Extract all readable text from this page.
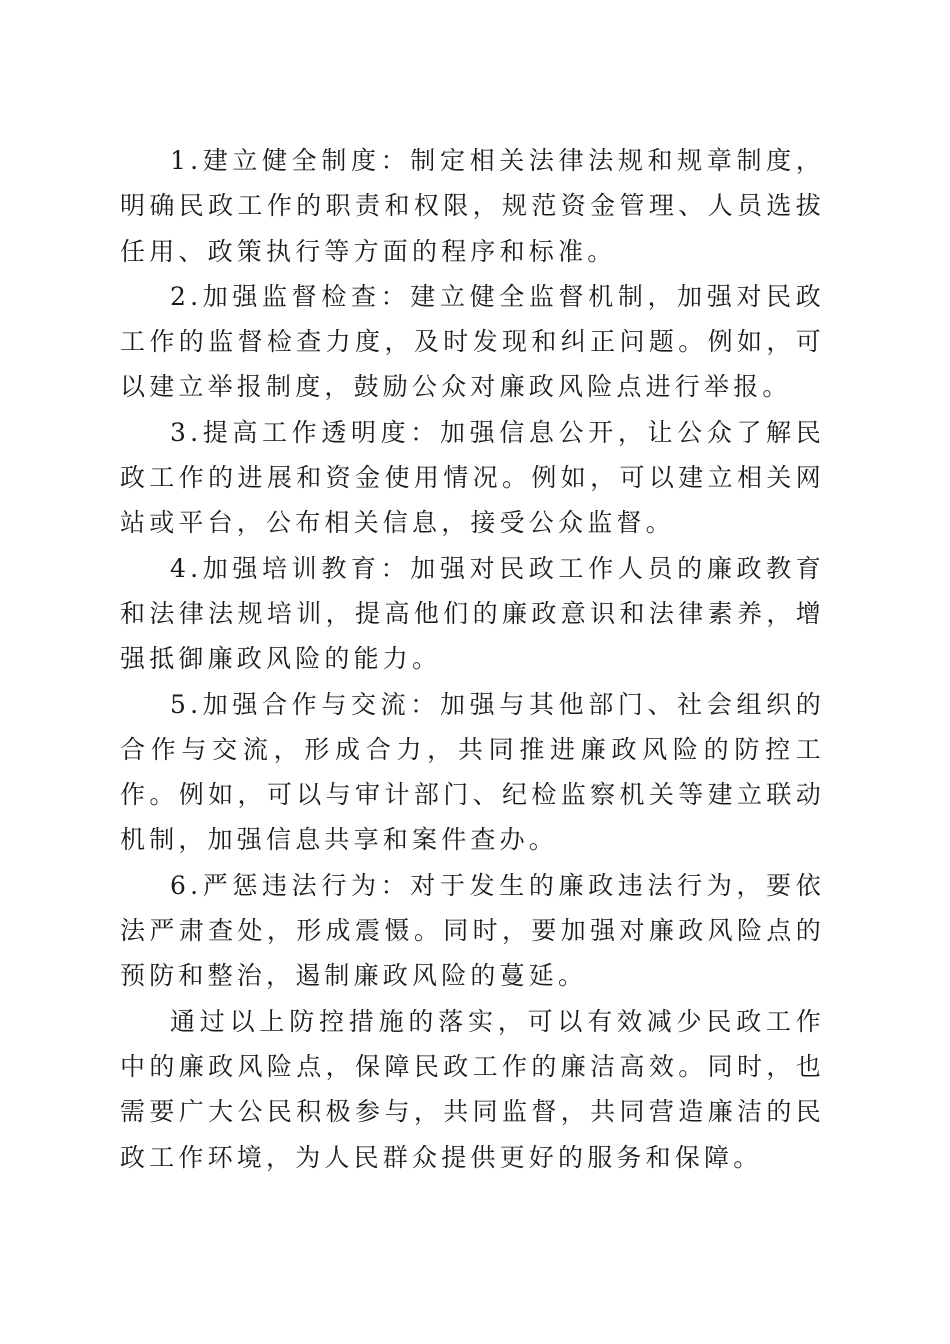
1.建立健全制度：制定相关法律法规和规章制度，明确民政工作的职责和权限，规范资金管理、人员选拔任用、政策执行等方面的程序和标准。

2.加强监督检查：建立健全监督机制，加强对民政工作的监督检查力度，及时发现和纠正问题。例如，可以建立举报制度，鼓励公众对廉政风险点进行举报。

3.提高工作透明度：加强信息公开，让公众了解民政工作的进展和资金使用情况。例如，可以建立相关网站或平台，公布相关信息，接受公众监督。

4.加强培训教育：加强对民政工作人员的廉政教育和法律法规培训，提高他们的廉政意识和法律素养，增强抵御廉政风险的能力。

5.加强合作与交流：加强与其他部门、社会组织的合作与交流，形成合力，共同推进廉政风险的防控工作。例如，可以与审计部门、纪检监察机关等建立联动机制，加强信息共享和案件查办。

6.严惩违法行为：对于发生的廉政违法行为，要依法严肃查处，形成震慑。同时，要加强对廉政风险点的预防和整治，遏制廉政风险的蔓延。

通过以上防控措施的落实，可以有效减少民政工作中的廉政风险点，保障民政工作的廉洁高效。同时，也需要广大公民积极参与，共同监督，共同营造廉洁的民政工作环境，为人民群众提供更好的服务和保障。
